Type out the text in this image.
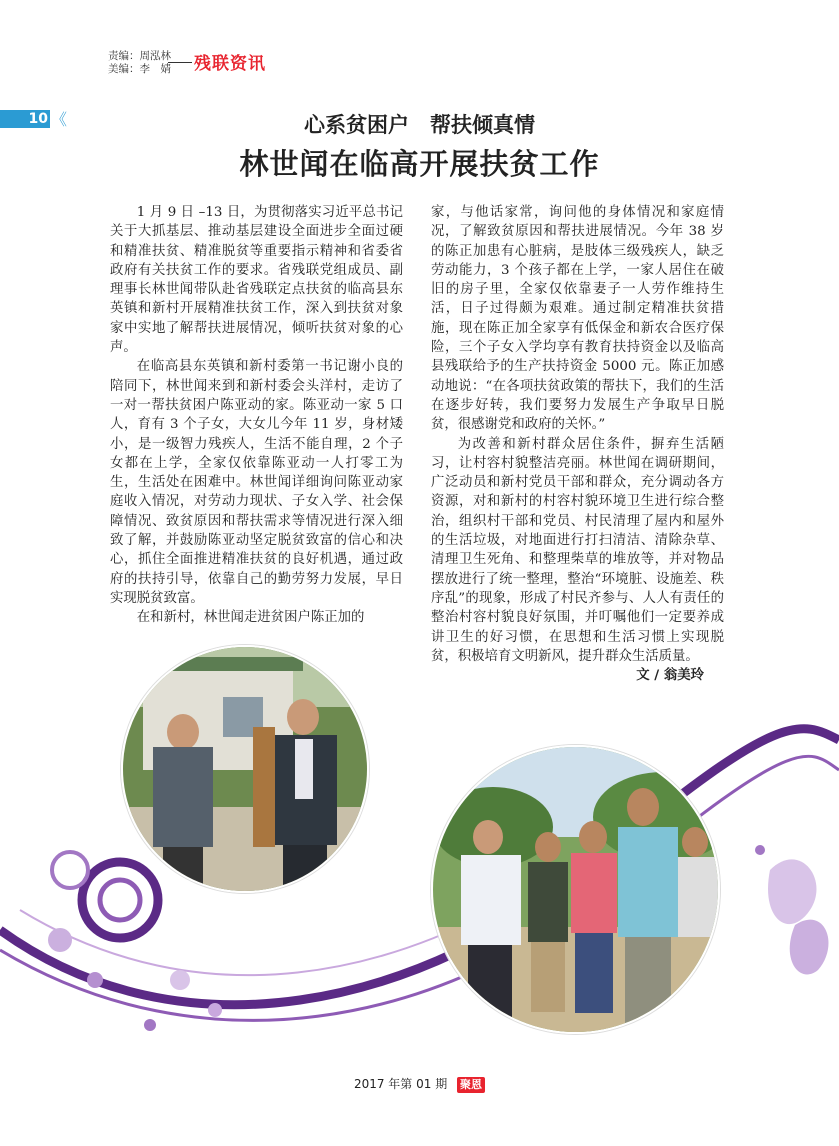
责编：周泓林
美编：李　婧 残联资讯
10 《	心系贫困户　帮扶倾真情
林世闻在临高开展扶贫工作

1 月 9 日 –13 日，为贯彻落实习近平总书记关于大抓基层、推动基层建设全面进步全面过硬和精准扶贫、精准脱贫等重要指示精神和省委省政府有关扶贫工作的要求。省残联党组成员、副理事长林世闻带队赴省残联定点扶贫的临高县东英镇和新村开展精准扶贫工作，深入到扶贫对象家中实地了解帮扶进展情况，倾听扶贫对象的心声。

在临高县东英镇和新村委第一书记谢小良的陪同下，林世闻来到和新村委会头洋村，走访了一对一帮扶贫困户陈亚动的家。陈亚动一家 5 口人，育有 3 个子女，大女儿今年 11 岁，身材矮小，是一级智力残疾人，生活不能自理，2 个子女都在上学，全家仅依靠陈亚动一人打零工为生，生活处在困难中。林世闻详细询问陈亚动家庭收入情况，对劳动力现状、子女入学、社会保障情况、致贫原因和帮扶需求等情况进行深入细致了解，并鼓励陈亚动坚定脱贫致富的信心和决心，抓住全面推进精准扶贫的良好机遇，通过政府的扶持引导，依靠自己的勤劳努力发展，早日实现脱贫致富。

在和新村，林世闻走进贫困户陈正加的

家，与他话家常，询问他的身体情况和家庭情况，了解致贫原因和帮扶进展情况。今年 38 岁的陈正加患有心脏病，是肢体三级残疾人，缺乏劳动能力，3 个孩子都在上学，一家人居住在破旧的房子里，全家仅依靠妻子一人劳作维持生活，日子过得颇为艰难。通过制定精准扶贫措施，现在陈正加全家享有低保金和新农合医疗保险，三个子女入学均享有教育扶持资金以及临高县残联给予的生产扶持资金 5000 元。陈正加感动地说：“在各项扶贫政策的帮扶下，我们的生活在逐步好转，我们要努力发展生产争取早日脱贫，很感谢党和政府的关怀。”

为改善和新村群众居住条件，摒弃生活陋习，让村容村貌整洁亮丽。林世闻在调研期间，广泛动员和新村党员干部和群众，充分调动各方资源，对和新村的村容村貌环境卫生进行综合整治，组织村干部和党员、村民清理了屋内和屋外的生活垃圾，对地面进行打扫清洁、清除杂草、清理卫生死角、和整理柴草的堆放等，并对物品摆放进行了统一整理，整治“环境脏、设施差、秩序乱”的现象，形成了村民齐参与、人人有责任的整治村容村貌良好氛围，并叮嘱他们一定要养成讲卫生的好习惯，在思想和生活习惯上实现脱贫，积极培育文明新风，提升群众生活质量。

文 / 翁美玲
2017 年第 01 期 聚恩
